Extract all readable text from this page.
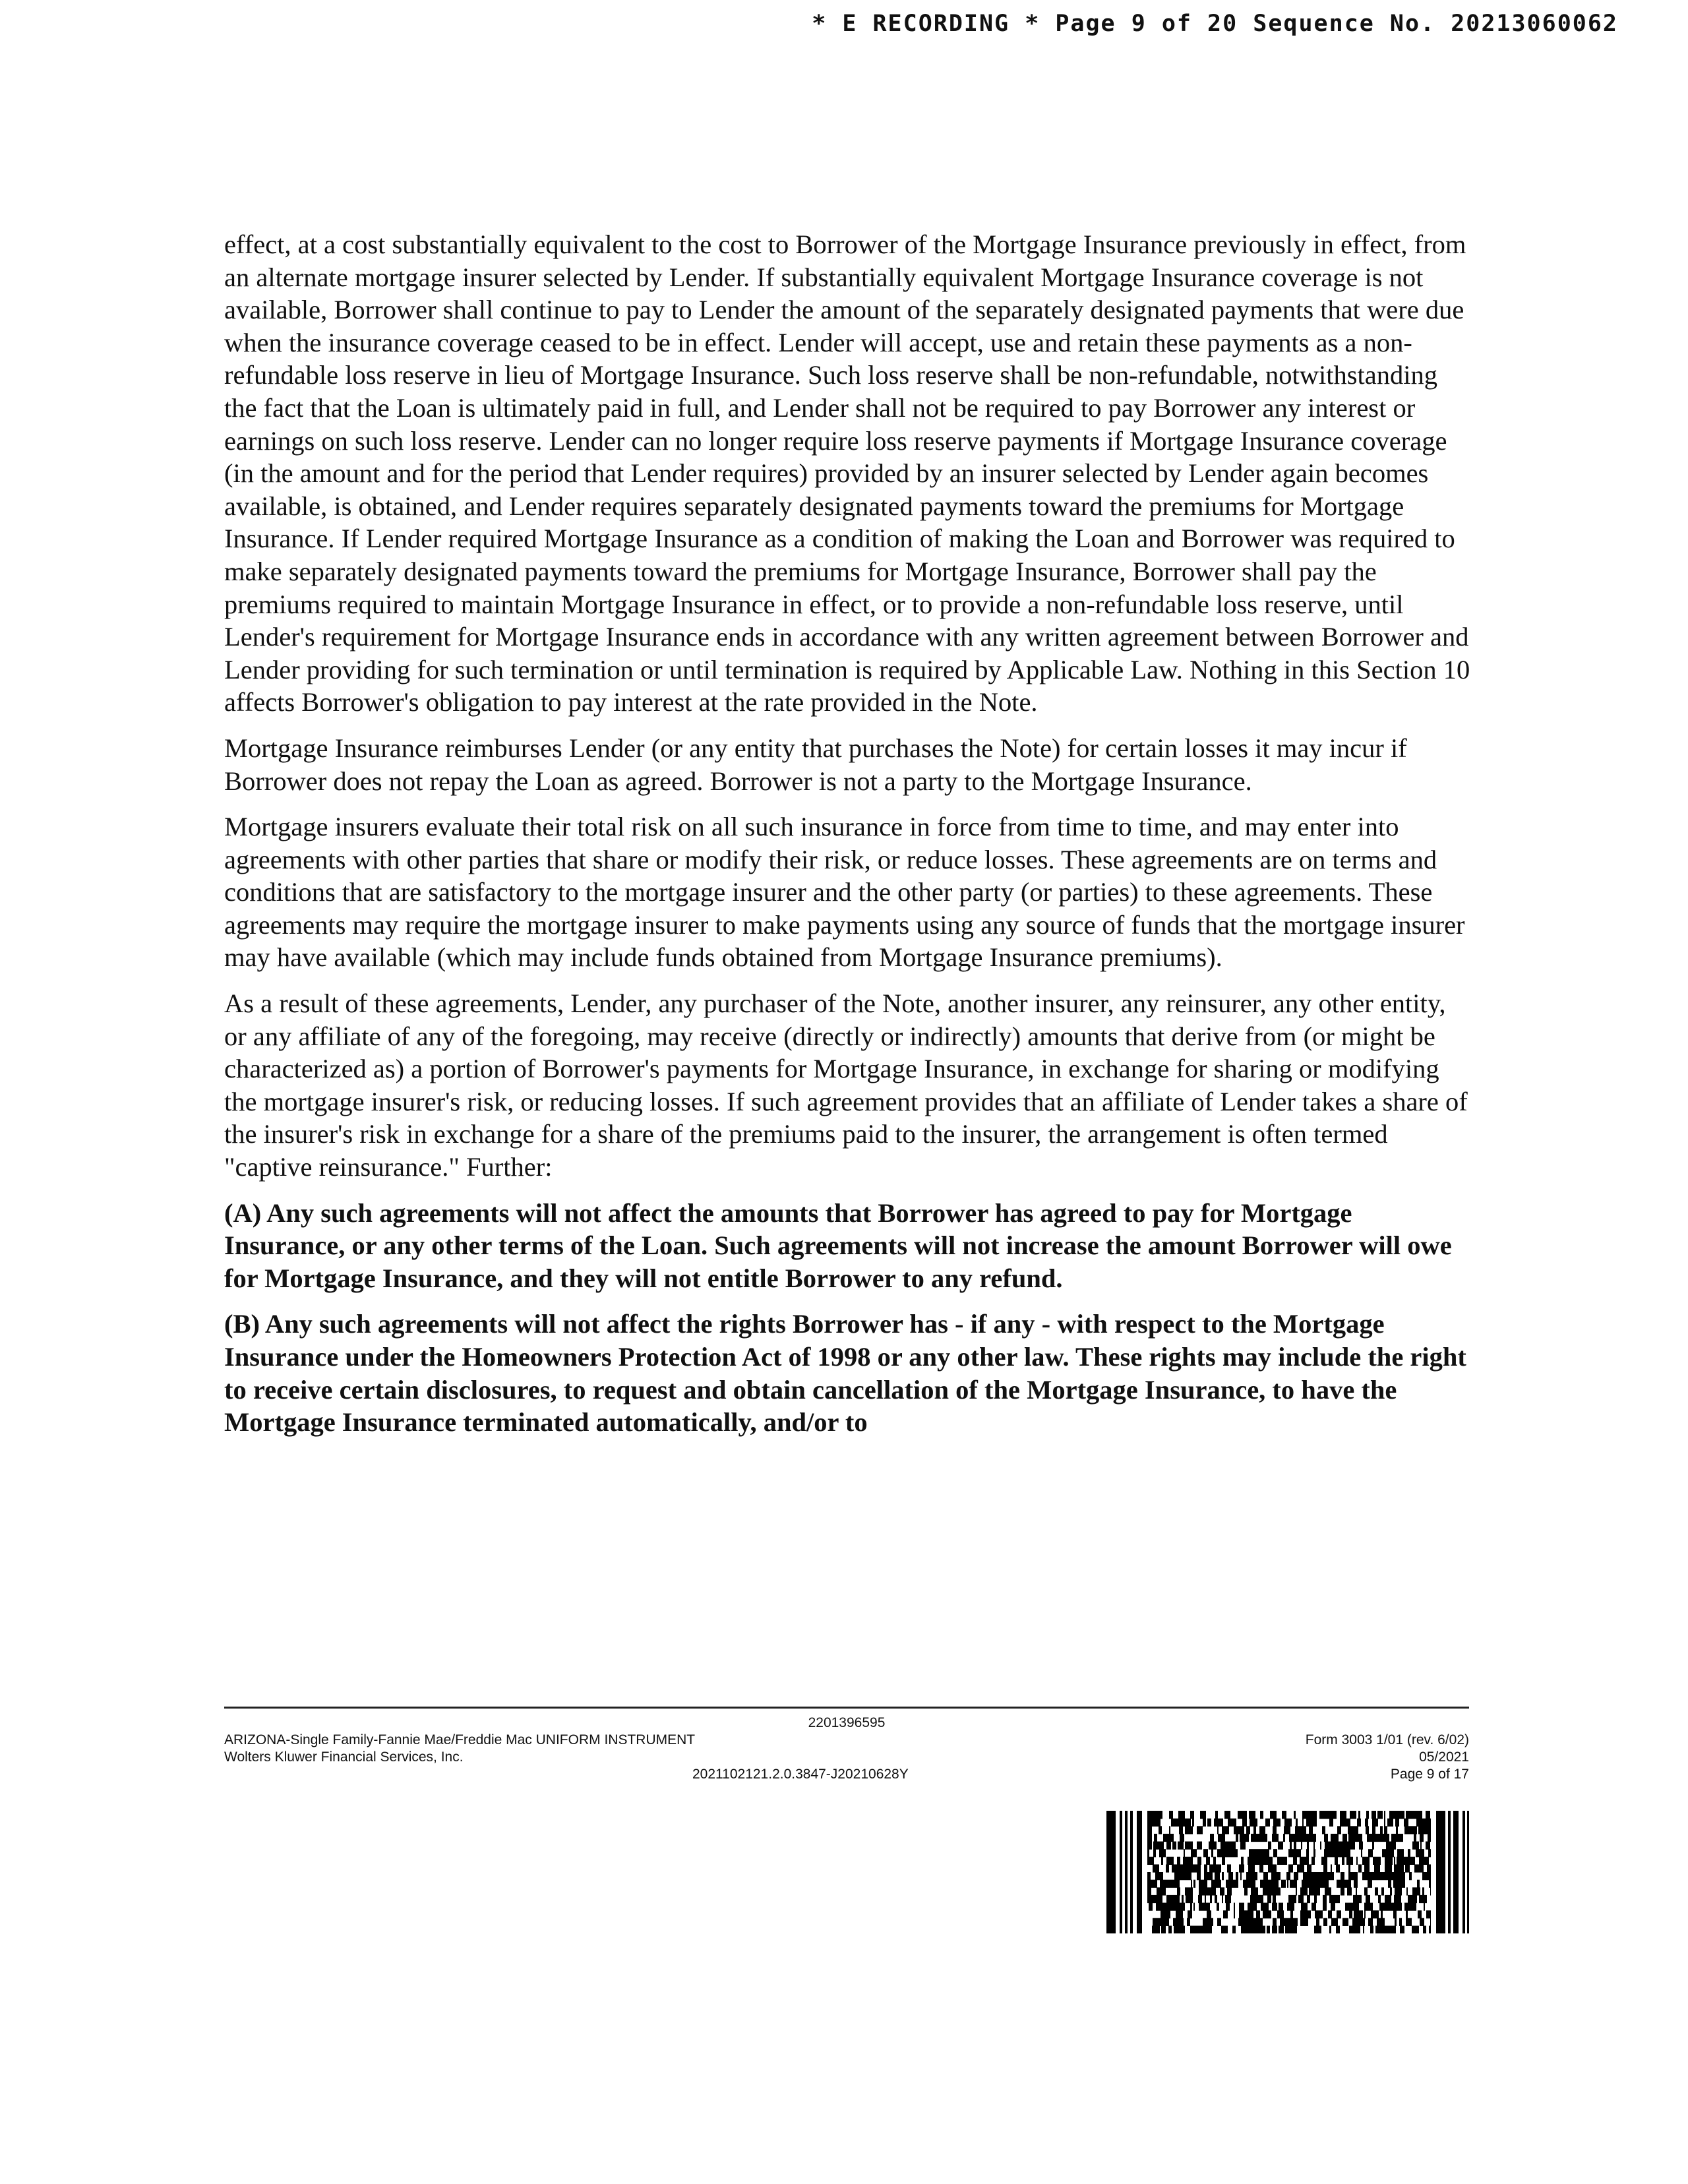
* E RECORDING * Page 9 of 20 Sequence No. 20213060062

effect, at a cost substantially equivalent to the cost to Borrower of the Mortgage Insurance previously in effect, from an alternate mortgage insurer selected by Lender. If substantially equivalent Mortgage Insurance coverage is not available, Borrower shall continue to pay to Lender the amount of the separately designated payments that were due when the insurance coverage ceased to be in effect. Lender will accept, use and retain these payments as a non-refundable loss reserve in lieu of Mortgage Insurance. Such loss reserve shall be non-refundable, notwithstanding the fact that the Loan is ultimately paid in full, and Lender shall not be required to pay Borrower any interest or earnings on such loss reserve. Lender can no longer require loss reserve payments if Mortgage Insurance coverage (in the amount and for the period that Lender requires) provided by an insurer selected by Lender again becomes available, is obtained, and Lender requires separately designated payments toward the premiums for Mortgage Insurance. If Lender required Mortgage Insurance as a condition of making the Loan and Borrower was required to make separately designated payments toward the premiums for Mortgage Insurance, Borrower shall pay the premiums required to maintain Mortgage Insurance in effect, or to provide a non-refundable loss reserve, until Lender's requirement for Mortgage Insurance ends in accordance with any written agreement between Borrower and Lender providing for such termination or until termination is required by Applicable Law. Nothing in this Section 10 affects Borrower's obligation to pay interest at the rate provided in the Note.

Mortgage Insurance reimburses Lender (or any entity that purchases the Note) for certain losses it may incur if Borrower does not repay the Loan as agreed. Borrower is not a party to the Mortgage Insurance.

Mortgage insurers evaluate their total risk on all such insurance in force from time to time, and may enter into agreements with other parties that share or modify their risk, or reduce losses. These agreements are on terms and conditions that are satisfactory to the mortgage insurer and the other party (or parties) to these agreements. These agreements may require the mortgage insurer to make payments using any source of funds that the mortgage insurer may have available (which may include funds obtained from Mortgage Insurance premiums).

As a result of these agreements, Lender, any purchaser of the Note, another insurer, any reinsurer, any other entity, or any affiliate of any of the foregoing, may receive (directly or indirectly) amounts that derive from (or might be characterized as) a portion of Borrower's payments for Mortgage Insurance, in exchange for sharing or modifying the mortgage insurer's risk, or reducing losses. If such agreement provides that an affiliate of Lender takes a share of the insurer's risk in exchange for a share of the premiums paid to the insurer, the arrangement is often termed "captive reinsurance." Further:

(A) Any such agreements will not affect the amounts that Borrower has agreed to pay for Mortgage Insurance, or any other terms of the Loan. Such agreements will not increase the amount Borrower will owe for Mortgage Insurance, and they will not entitle Borrower to any refund.

(B) Any such agreements will not affect the rights Borrower has - if any - with respect to the Mortgage Insurance under the Homeowners Protection Act of 1998 or any other law. These rights may include the right to receive certain disclosures, to request and obtain cancellation of the Mortgage Insurance, to have the Mortgage Insurance terminated automatically, and/or to

2201396595
ARIZONA-Single Family-Fannie Mae/Freddie Mac UNIFORM INSTRUMENT
Wolters Kluwer Financial Services, Inc.
2021102121.2.0.3847-J20210628Y
Form 3003 1/01 (rev. 6/02)
05/2021
Page 9 of 17
